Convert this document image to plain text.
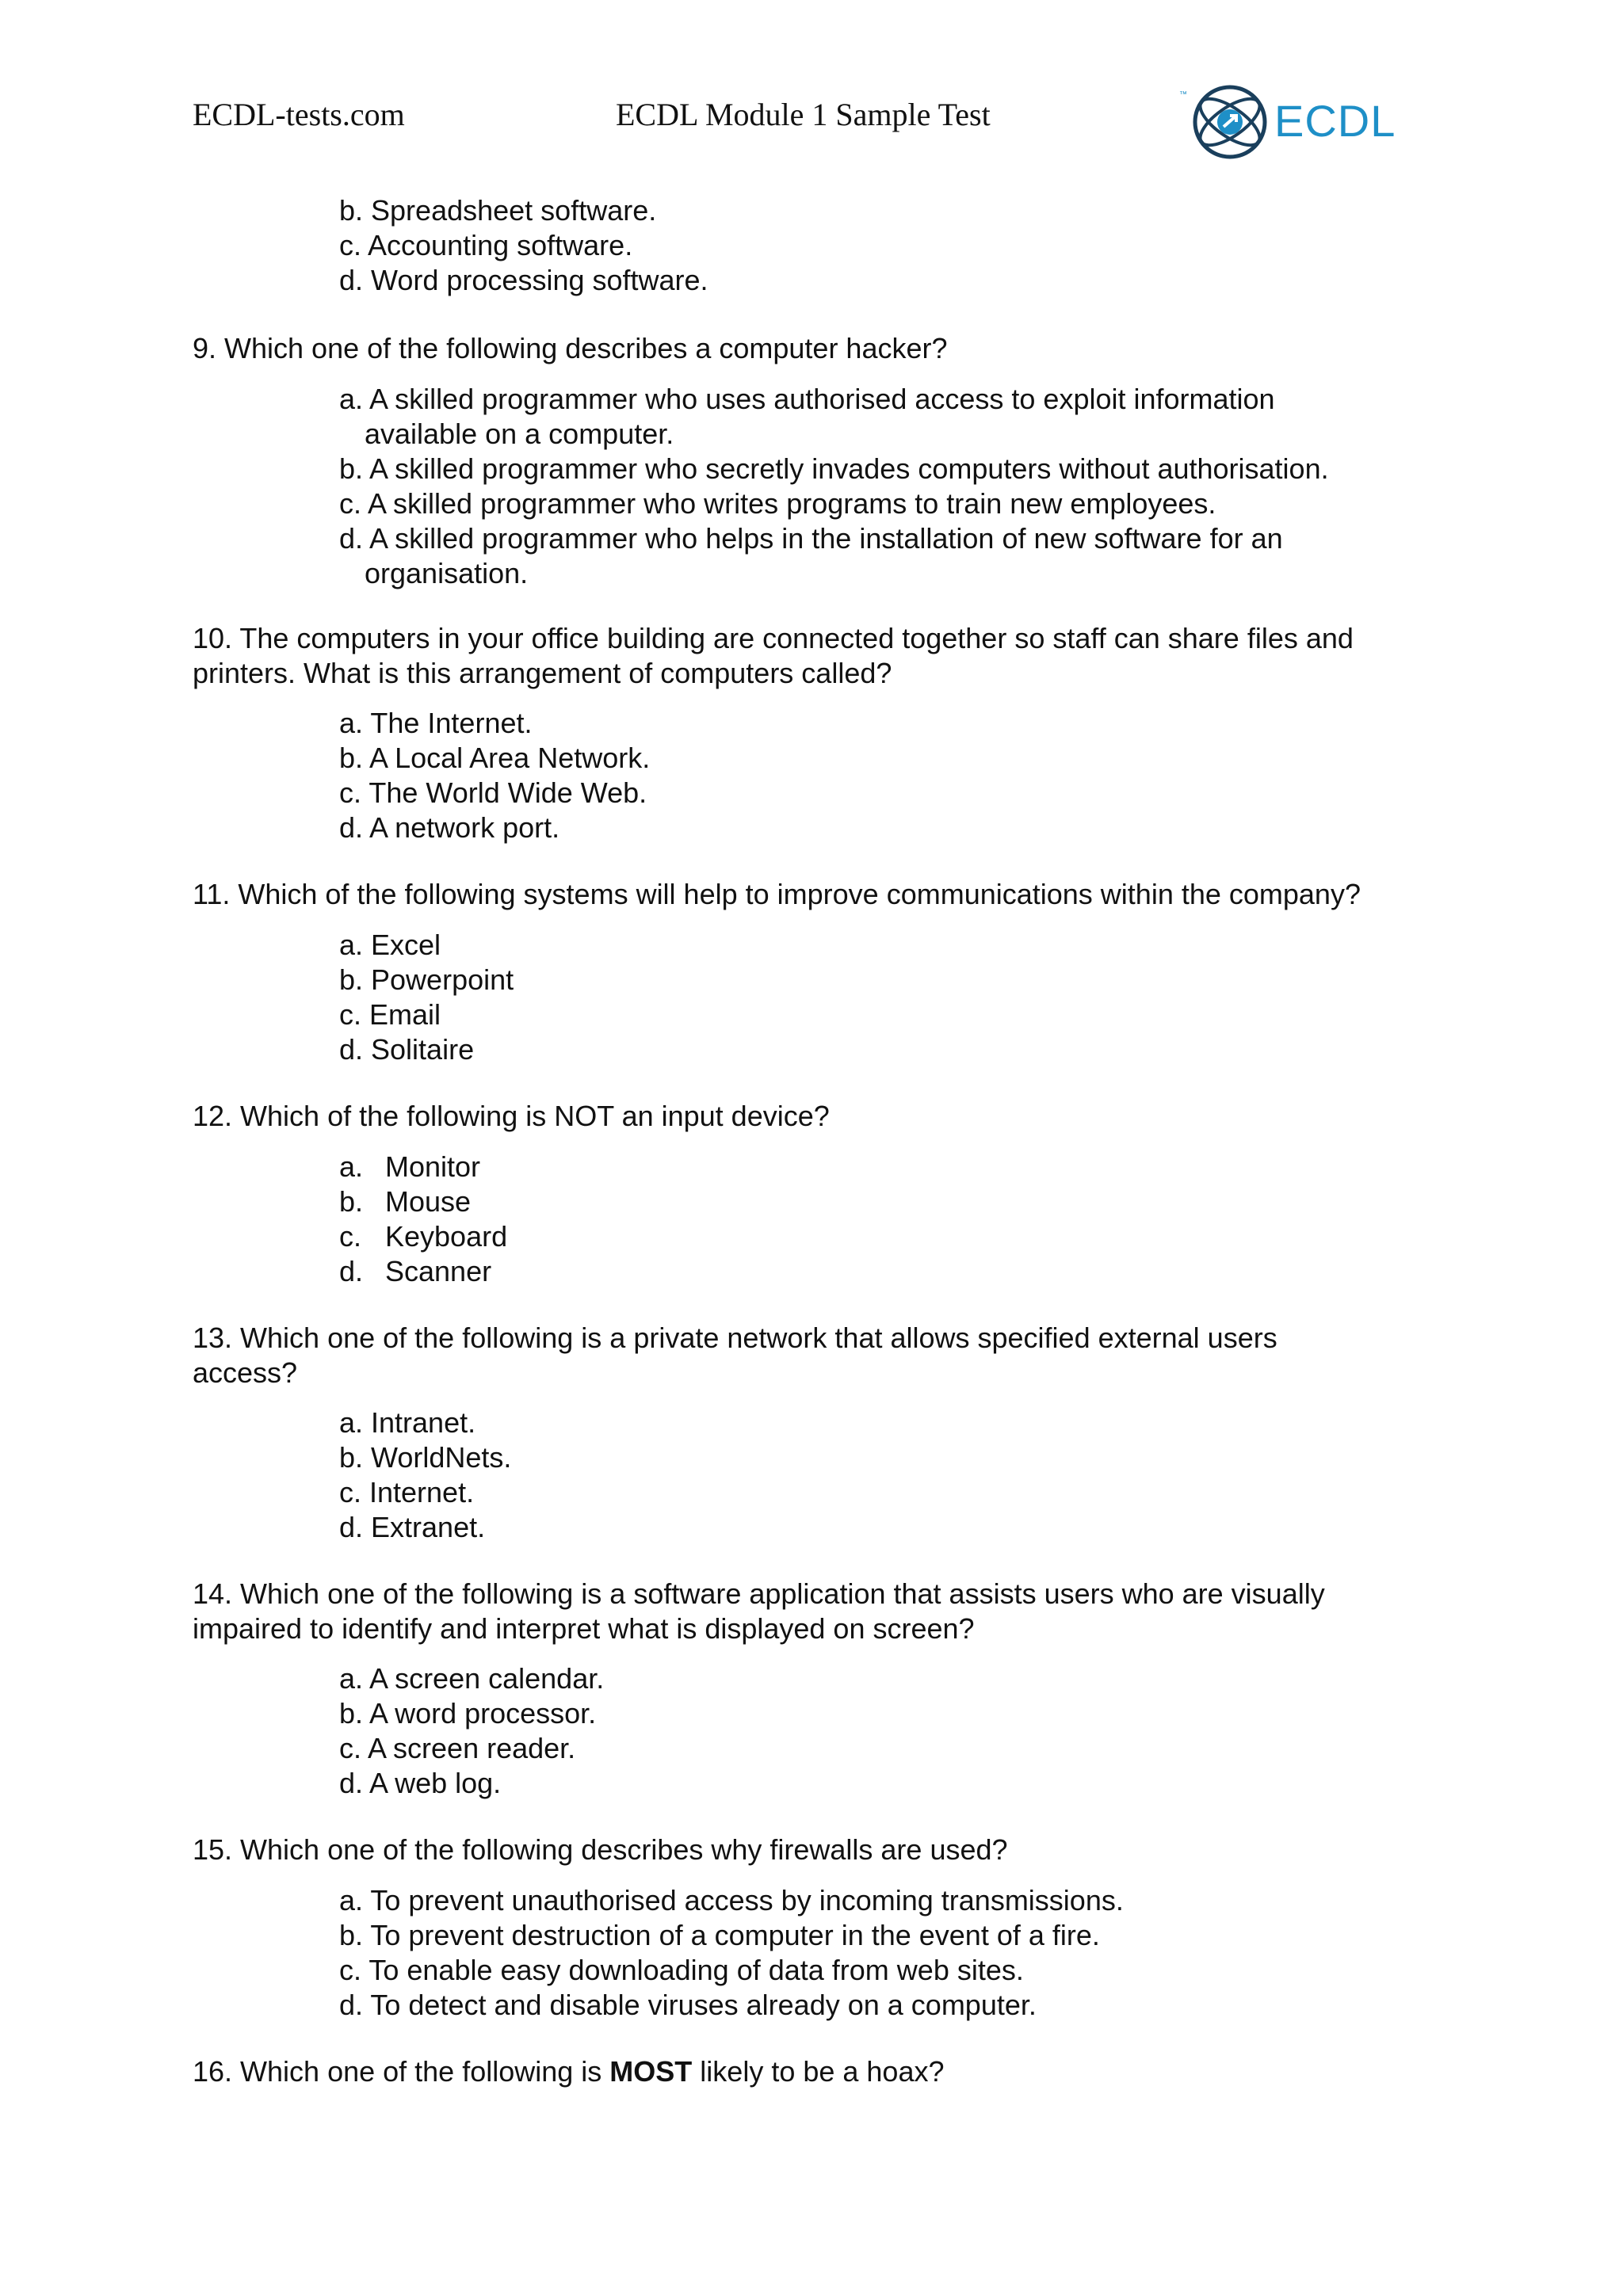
ECDL-tests.com	ECDL Module 1 Sample Test
™
ECDL
b. Spreadsheet software.
c. Accounting software.
d. Word processing software.
9. Which one of the following describes a computer hacker?
a. A skilled programmer who uses authorised access to exploit information
available on a computer.
b. A skilled programmer who secretly invades computers without authorisation.
c. A skilled programmer who writes programs to train new employees.
d. A skilled programmer who helps in the installation of new software for an
organisation.
10. The computers in your office building are connected together so staff can share files and
printers. What is this arrangement of computers called?
a. The Internet.
b. A Local Area Network.
c. The World Wide Web.
d. A network port.
11. Which of the following systems will help to improve communications within the company?
a. Excel
b. Powerpoint
c. Email
d. Solitaire
12. Which of the following is NOT an input device?
a. Monitor
b. Mouse
c. Keyboard
d. Scanner
13. Which one of the following is a private network that allows specified external users
access?
a. Intranet.
b. WorldNets.
c. Internet.
d. Extranet.
14. Which one of the following is a software application that assists users who are visually
impaired to identify and interpret what is displayed on screen?
a. A screen calendar.
b. A word processor.
c. A screen reader.
d. A web log.
15. Which one of the following describes why firewalls are used?
a. To prevent unauthorised access by incoming transmissions.
b. To prevent destruction of a computer in the event of a fire.
c. To enable easy downloading of data from web sites.
d. To detect and disable viruses already on a computer.
16. Which one of the following is MOST likely to be a hoax?
